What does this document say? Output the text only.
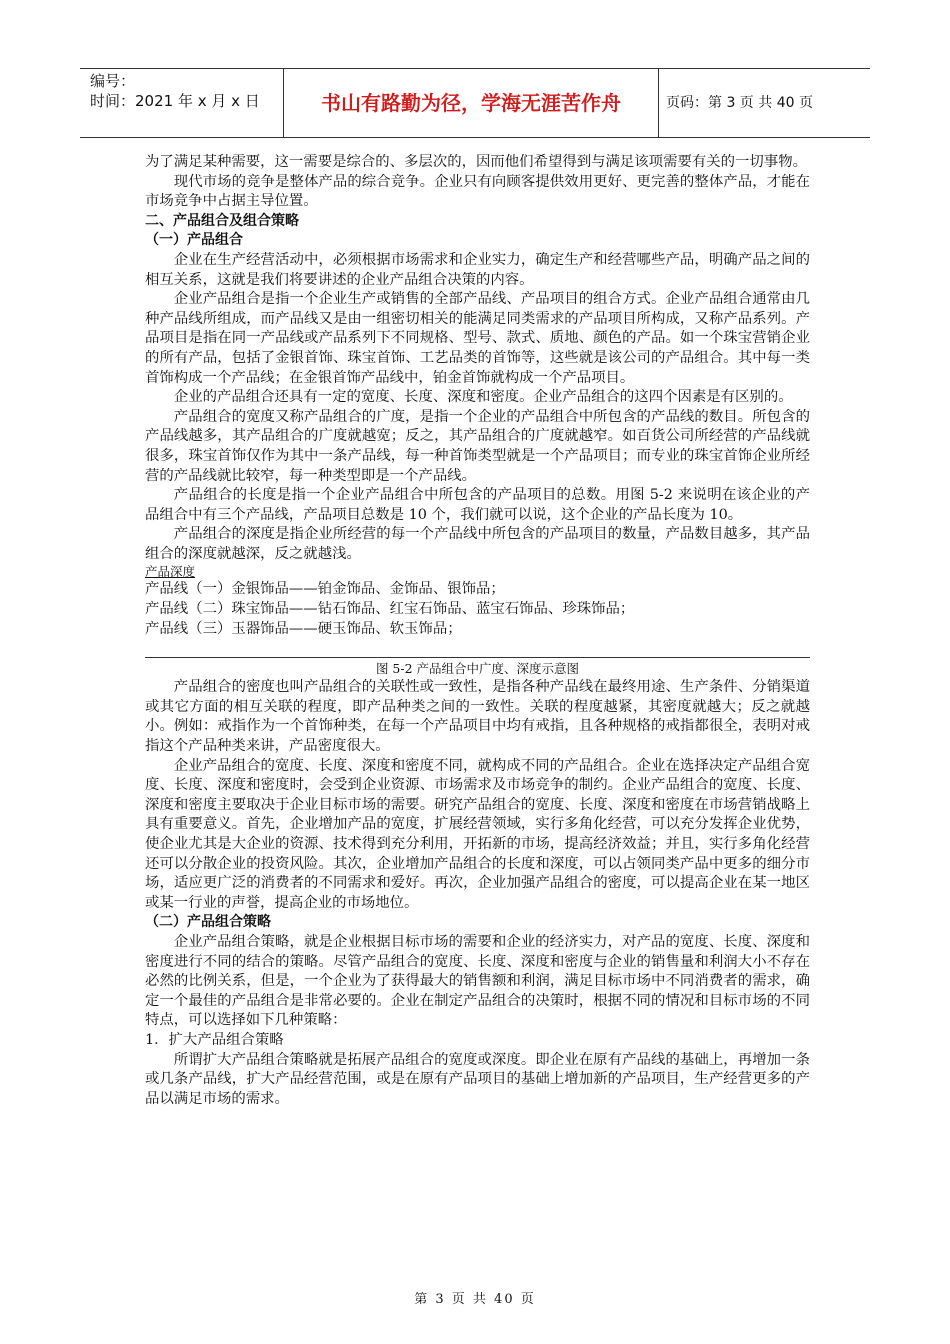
编号：
时间：2021 年 x 月 x 日	书山有路勤为径，学海无涯苦作舟	页码：第 3 页 共 40 页

为了满足某种需要，这一需要是综合的、多层次的，因而他们希望得到与满足该项需要有关的一切事物。

现代市场的竞争是整体产品的综合竞争。企业只有向顾客提供效用更好、更完善的整体产品，才能在市场竞争中占据主导位置。

二、产品组合及组合策略
（一）产品组合

企业在生产经营活动中，必须根据市场需求和企业实力，确定生产和经营哪些产品，明确产品之间的相互关系，这就是我们将要讲述的企业产品组合决策的内容。

企业产品组合是指一个企业生产或销售的全部产品线、产品项目的组合方式。企业产品组合通常由几种产品线所组成，而产品线又是由一组密切相关的能满足同类需求的产品项目所构成，又称产品系列。产品项目是指在同一产品线或产品系列下不同规格、型号、款式、质地、颜色的产品。如一个珠宝营销企业的所有产品，包括了金银首饰、珠宝首饰、工艺品类的首饰等，这些就是该公司的产品组合。其中每一类首饰构成一个产品线；在金银首饰产品线中，铂金首饰就构成一个产品项目。

企业的产品组合还具有一定的宽度、长度、深度和密度。企业产品组合的这四个因素是有区别的。

产品组合的宽度又称产品组合的广度，是指一个企业的产品组合中所包含的产品线的数目。所包含的产品线越多，其产品组合的广度就越宽；反之，其产品组合的广度就越窄。如百货公司所经营的产品线就很多，珠宝首饰仅作为其中一条产品线，每一种首饰类型就是一个产品项目；而专业的珠宝首饰企业所经营的产品线就比较窄，每一种类型即是一个产品线。

产品组合的长度是指一个企业产品组合中所包含的产品项目的总数。用图 5-2 来说明在该企业的产品组合中有三个产品线，产品项目总数是 10 个，我们就可以说，这个企业的产品长度为 10。

产品组合的深度是指企业所经营的每一个产品线中所包含的产品项目的数量，产品数目越多，其产品组合的深度就越深，反之就越浅。

产品深度
产品线（一）金银饰品——铂金饰品、金饰品、银饰品；
产品线（二）珠宝饰品——钻石饰品、红宝石饰品、蓝宝石饰品、珍珠饰品；
产品线（三）玉器饰品——硬玉饰品、软玉饰品；
图 5-2 产品组合中广度、深度示意图

产品组合的密度也叫产品组合的关联性或一致性，是指各种产品线在最终用途、生产条件、分销渠道或其它方面的相互关联的程度，即产品种类之间的一致性。关联的程度越紧，其密度就越大；反之就越小。例如：戒指作为一个首饰种类，在每一个产品项目中均有戒指，且各种规格的戒指都很全，表明对戒指这个产品种类来讲，产品密度很大。

企业产品组合的宽度、长度、深度和密度不同，就构成不同的产品组合。企业在选择决定产品组合宽度、长度、深度和密度时，会受到企业资源、市场需求及市场竞争的制约。企业产品组合的宽度、长度、深度和密度主要取决于企业目标市场的需要。研究产品组合的宽度、长度、深度和密度在市场营销战略上具有重要意义。首先，企业增加产品的宽度，扩展经营领域，实行多角化经营，可以充分发挥企业优势，使企业尤其是大企业的资源、技术得到充分利用，开拓新的市场，提高经济效益；并且，实行多角化经营还可以分散企业的投资风险。其次，企业增加产品组合的长度和深度，可以占领同类产品中更多的细分市场，适应更广泛的消费者的不同需求和爱好。再次，企业加强产品组合的密度，可以提高企业在某一地区或某一行业的声誉，提高企业的市场地位。

（二）产品组合策略

企业产品组合策略，就是企业根据目标市场的需要和企业的经济实力，对产品的宽度、长度、深度和密度进行不同的结合的策略。尽管产品组合的宽度、长度、深度和密度与企业的销售量和利润大小不存在必然的比例关系，但是，一个企业为了获得最大的销售额和利润，满足目标市场中不同消费者的需求，确定一个最佳的产品组合是非常必要的。企业在制定产品组合的决策时，根据不同的情况和目标市场的不同特点，可以选择如下几种策略：

1．扩大产品组合策略

所谓扩大产品组合策略就是拓展产品组合的宽度或深度。即企业在原有产品线的基础上，再增加一条或几条产品线，扩大产品经营范围，或是在原有产品项目的基础上增加新的产品项目，生产经营更多的产品以满足市场的需求。

第 3 页 共 40 页
